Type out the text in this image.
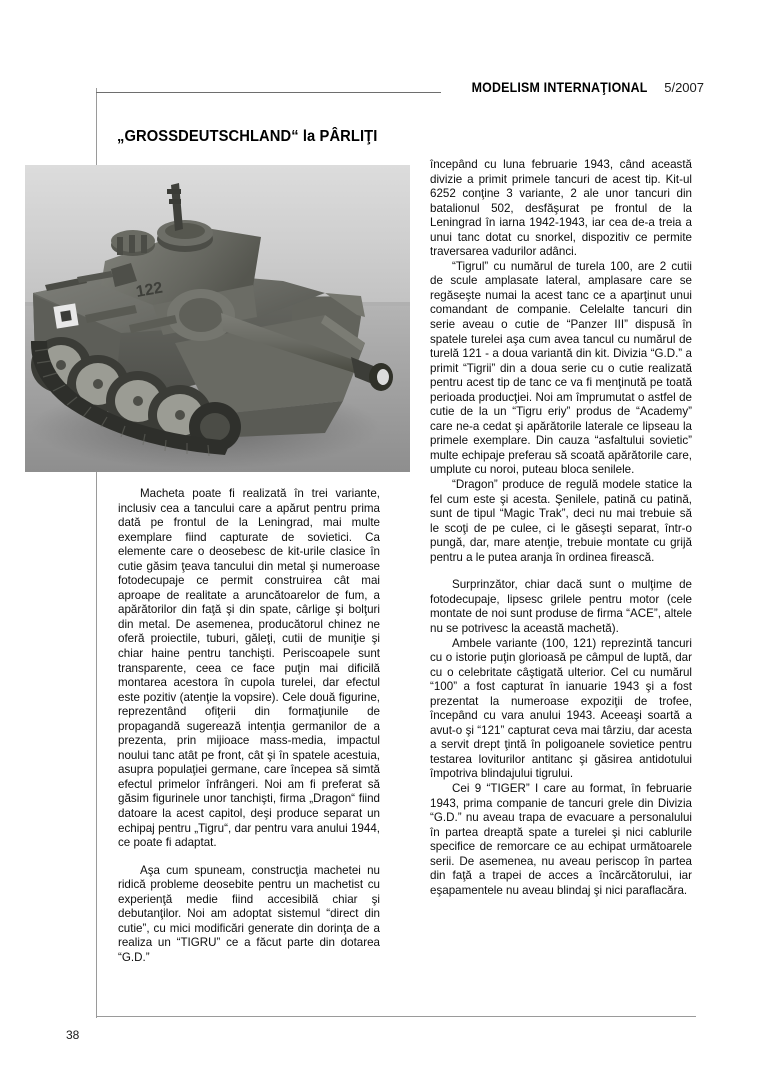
MODELISM INTERNAŢIONAL 5/2007
„GROSSDEUTSCHLAND“ la PÂRLIŢI
122

Macheta poate fi realizată în trei variante, inclusiv cea a tancului care a apărut pentru prima dată pe frontul de la Leningrad, mai multe exemplare fiind capturate de sovietici. Ca elemente care o deosebesc de kit-urile clasice în cutie găsim ţeava tancului din metal şi numeroase fotodecupaje ce permit construirea cât mai aproape de realitate a aruncătoarelor de fum, a apărătorilor din faţă şi din spate, cârlige şi bolţuri din metal. De asemenea, producătorul chinez ne oferă proiectile, tuburi, găleţi, cutii de muniţie şi chiar haine pentru tanchişti. Periscoapele sunt transparente, ceea ce face puţin mai dificilă montarea acestora în cupola turelei, dar efectul este pozitiv (atenţie la vopsire). Cele două figurine, reprezentând ofiţerii din formaţiunile de propagandă sugerează intenţia germanilor de a prezenta, prin mijioace mass-media, impactul noului tanc atât pe front, cât şi în spatele acestuia, asupra populaţiei germane, care începea să simtă efectul primelor înfrângeri. Noi am fi preferat să găsim figurinele unor tanchişti, firma „Dragon“ fiind datoare la acest capitol, deşi produce separat un echipaj pentru „Tigru“, dar pentru vara anului 1944, ce poate fi adaptat.

Aşa cum spuneam, construcţia machetei nu ridică probleme deosebite pentru un machetist cu experienţă medie fiind accesibilă chiar şi debutanţilor. Noi am adoptat sistemul “direct din cutie”, cu mici modificări generate din dorinţa de a realiza un “TIGRU” ce a făcut parte din dotarea “G.D.”

începând cu luna februarie 1943, când această divizie a primit primele tancuri de acest tip. Kit-ul 6252 conţine 3 variante, 2 ale unor tancuri din batalionul 502, desfăşurat pe frontul de la Leningrad în iarna 1942-1943, iar cea de-a treia a unui tanc dotat cu snorkel, dispozitiv ce permite traversarea vadurilor adânci.

“Tigrul” cu numărul de turela 100, are 2 cutii de scule amplasate lateral, amplasare care se regăseşte numai la acest tanc ce a aparţinut unui comandant de companie. Celelalte tancuri din serie aveau o cutie de “Panzer III” dispusă în spatele turelei aşa cum avea tancul cu numărul de turelă 121 - a doua variantă din kit. Divizia “G.D.” a primit “Tigrii” din a doua serie cu o cutie realizată pentru acest tip de tanc ce va fi menţinută pe toată perioada producţiei. Noi am împrumutat o astfel de cutie de la un “Tigru eriy” produs de “Academy” care ne-a cedat şi apărătorile laterale ce lipseau la primele exemplare. Din cauza “asfaltului sovietic” multe echipaje preferau să scoată apărătorile care, umplute cu noroi, puteau bloca senilele.

“Dragon” produce de regulă modele statice la fel cum este şi acesta. Şenilele, patină cu patină, sunt de tipul “Magic Trak”, deci nu mai trebuie să le scoţi de pe culee, ci le găseşti separat, într-o pungă, dar, mare atenţie, trebuie montate cu grijă pentru a le putea aranja în ordinea firească.

Surprinzător, chiar dacă sunt o mulţime de fotodecupaje, lipsesc grilele pentru motor (cele montate de noi sunt produse de firma “ACE”, altele nu se potrivesc la această machetă).

Ambele variante (100, 121) reprezintă tancuri cu o istorie puţin glorioasă pe câmpul de luptă, dar cu o celebritate câştigată ulterior. Cel cu numărul “100” a fost capturat în ianuarie 1943 şi a fost prezentat la numeroase expoziţii de trofee, începând cu vara anului 1943. Aceeaşi soartă a avut-o şi “121” capturat ceva mai târziu, dar acesta a servit drept ţintă în poligoanele sovietice pentru testarea loviturilor antitanc şi găsirea antidotului împotriva blindajului tigrului.

Cei 9 “TIGER” I care au format, în februarie 1943, prima companie de tancuri grele din Divizia “G.D.” nu aveau trapa de evacuare a personalului în partea dreaptă spate a turelei şi nici cablurile specifice de remorcare ce au echipat următoarele serii. De asemenea, nu aveau periscop în partea din faţă a trapei de acces a încărcătorului, iar eşapamentele nu aveau blindaj şi nici paraflacăra.

38
